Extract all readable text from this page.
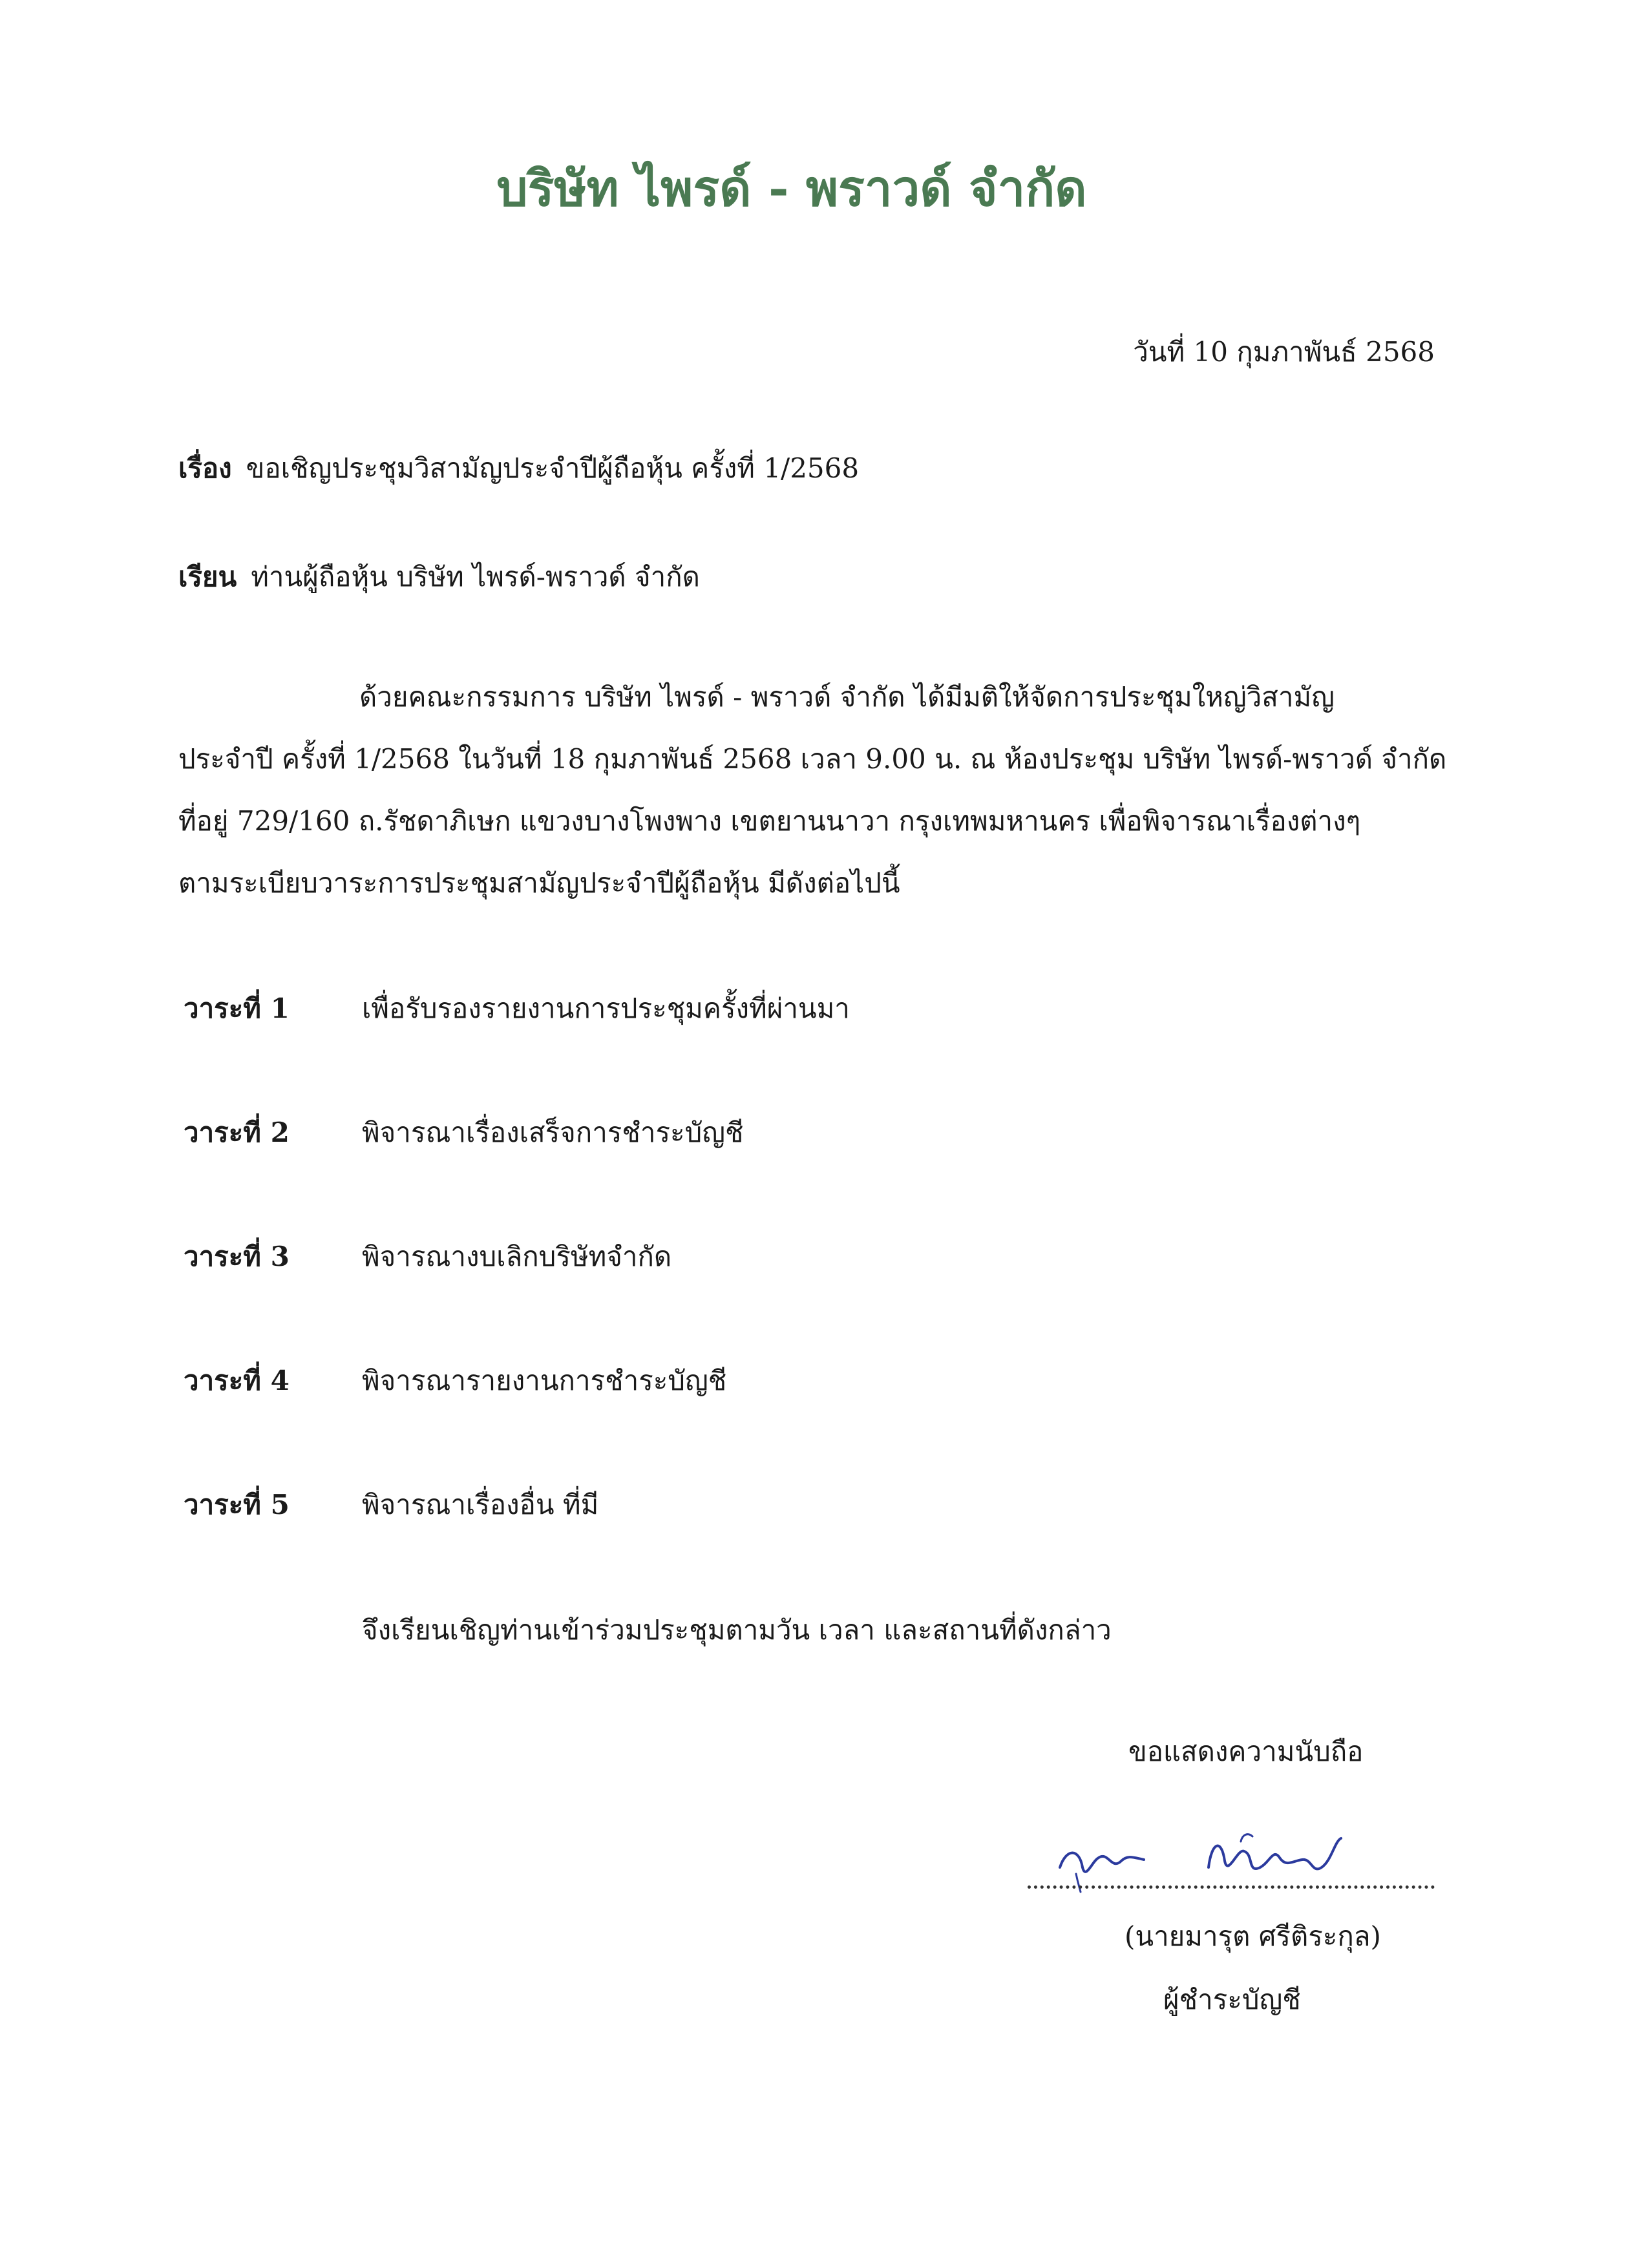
บริษัท ไพรด์ - พราวด์ จำกัด
วันที่ 10 กุมภาพันธ์ 2568
เรื่อง ขอเชิญประชุมวิสามัญประจำปีผู้ถือหุ้น ครั้งที่ 1/2568
เรียน ท่านผู้ถือหุ้น บริษัท ไพรด์-พราวด์ จำกัด
ด้วยคณะกรรมการ บริษัท ไพรด์ - พราวด์ จำกัด ได้มีมติให้จัดการประชุมใหญ่วิสามัญ
ประจำปี ครั้งที่ 1/2568 ในวันที่ 18 กุมภาพันธ์ 2568 เวลา 9.00 น. ณ ห้องประชุม บริษัท ไพรด์-พราวด์ จำกัด
ที่อยู่ 729/160 ถ.รัชดาภิเษก แขวงบางโพงพาง เขตยานนาวา กรุงเทพมหานคร เพื่อพิจารณาเรื่องต่างๆ
ตามระเบียบวาระการประชุมสามัญประจำปีผู้ถือหุ้น มีดังต่อไปนี้
วาระที่ 1	เพื่อรับรองรายงานการประชุมครั้งที่ผ่านมา
วาระที่ 2	พิจารณาเรื่องเสร็จการชำระบัญชี
วาระที่ 3	พิจารณางบเลิกบริษัทจำกัด
วาระที่ 4	พิจารณารายงานการชำระบัญชี
วาระที่ 5	พิจารณาเรื่องอื่น ที่มี
จึงเรียนเชิญท่านเข้าร่วมประชุมตามวัน เวลา และสถานที่ดังกล่าว
ขอแสดงความนับถือ
(นายมารุต ศรีติระกุล)
ผู้ชำระบัญชี
